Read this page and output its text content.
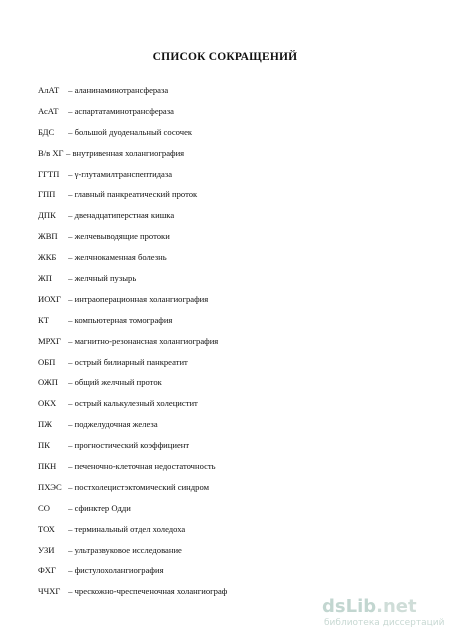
СПИСОК СОКРАЩЕНИЙ
АлАТ – аланинаминотрансфераза
АсАТ – аспартатаминотрансфераза
БДС – большой дуоденальный сосочек
В/в ХГ – внутривенная холангиография
ГГТП – γ-глутамилтранспептидаза
ГПП – главный панкреатический проток
ДПК – двенадцатиперстная кишка
ЖВП – желчевыводящие протоки
ЖКБ – желчнокаменная болезнь
ЖП – желчный пузырь
ИОХГ – интраоперационная холангиография
КТ – компьютерная томография
МРХГ – магнитно-резонансная холангиография
ОБП – острый билиарный панкреатит
ОЖП – общий желчный проток
ОКХ – острый калькулезный холецистит
ПЖ – поджелудочная железа
ПК – прогностический коэффициент
ПКН – печеночно-клеточная недостаточность
ПХЭС – постхолецистэктомический синдром
СО – сфинктер Одди
ТОХ – терминальный отдел холедоха
УЗИ – ультразвуковое исследование
ФХГ – фистулохолангиография
ЧЧХГ – чрескожно-чреспеченочная холангиограф
dsLib.net
библиотека диссертаций
